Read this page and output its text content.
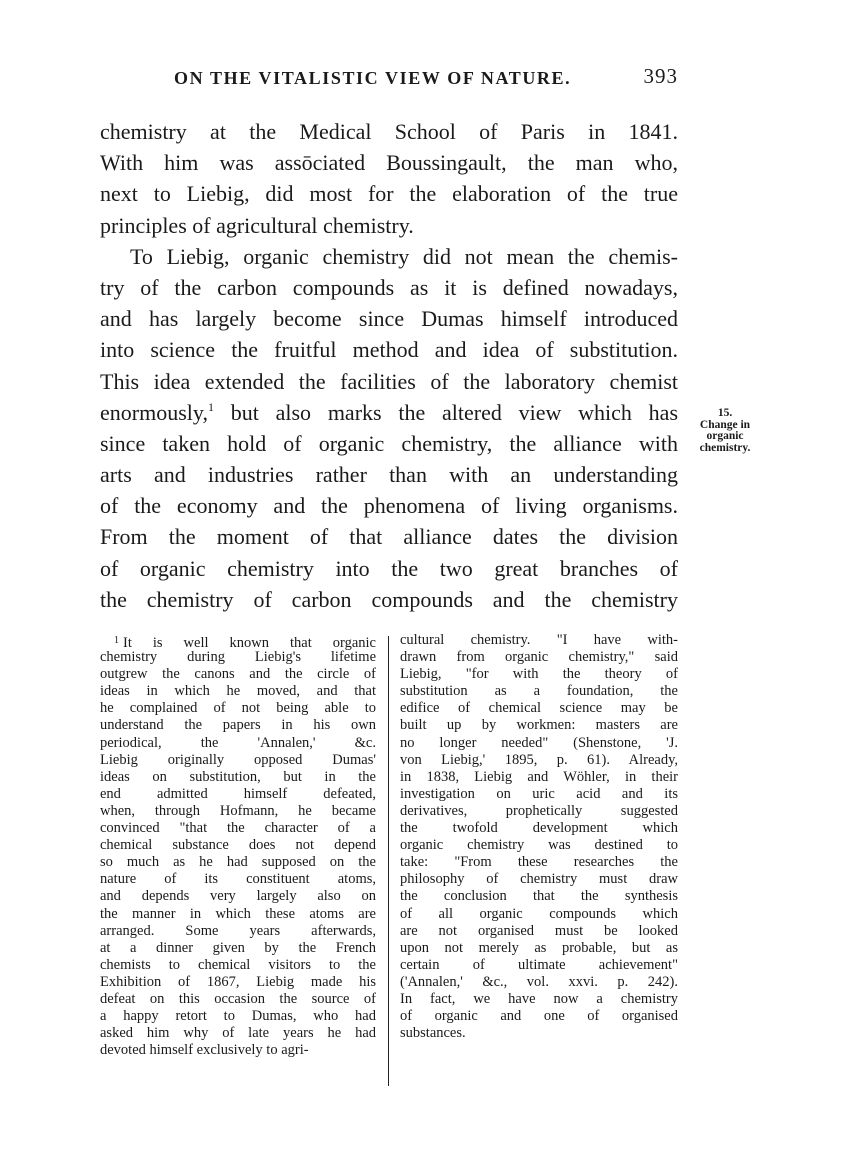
ON THE VITALISTIC VIEW OF NATURE.	393
chemistry at the Medical School of Paris in 1841.
With him was assōciated Boussingault, the man who,
next to Liebig, did most for the elaboration of the true
principles of agricultural chemistry.
To Liebig, organic chemistry did not mean the chemis-
try of the carbon compounds as it is defined nowadays,
and has largely become since Dumas himself introduced
into science the fruitful method and idea of substitution.
This idea extended the facilities of the laboratory chemist
enormously,$^1$ but also marks the altered view which has
since taken hold of organic chemistry, the alliance with
arts and industries rather than with an understanding
of the economy and the phenomena of living organisms.
From the moment of that alliance dates the division
of organic chemistry into the two great branches of
the chemistry of carbon compounds and the chemistry
15.
Change in
organic
chemistry.
$^1$ It is well known that organic
chemistry during Liebig's lifetime
outgrew the canons and the circle of
ideas in which he moved, and that
he complained of not being able to
understand the papers in his own
periodical, the 'Annalen,' &c.
Liebig originally opposed Dumas'
ideas on substitution, but in the
end admitted himself defeated,
when, through Hofmann, he became
convinced "that the character of a
chemical substance does not depend
so much as he had supposed on the
nature of its constituent atoms,
and depends very largely also on
the manner in which these atoms are
arranged. Some years afterwards,
at a dinner given by the French
chemists to chemical visitors to the
Exhibition of 1867, Liebig made his
defeat on this occasion the source of
a happy retort to Dumas, who had
asked him why of late years he had
devoted himself exclusively to agri-
cultural chemistry. "I have with-
drawn from organic chemistry," said
Liebig, "for with the theory of
substitution as a foundation, the
edifice of chemical science may be
built up by workmen: masters are
no longer needed" (Shenstone, 'J.
von Liebig,' 1895, p. 61). Already,
in 1838, Liebig and Wöhler, in their
investigation on uric acid and its
derivatives, prophetically suggested
the twofold development which
organic chemistry was destined to
take: "From these researches the
philosophy of chemistry must draw
the conclusion that the synthesis
of all organic compounds which
are not organised must be looked
upon not merely as probable, but as
certain of ultimate achievement"
('Annalen,' &c., vol. xxvi. p. 242).
In fact, we have now a chemistry
of organic and one of organised
substances.
